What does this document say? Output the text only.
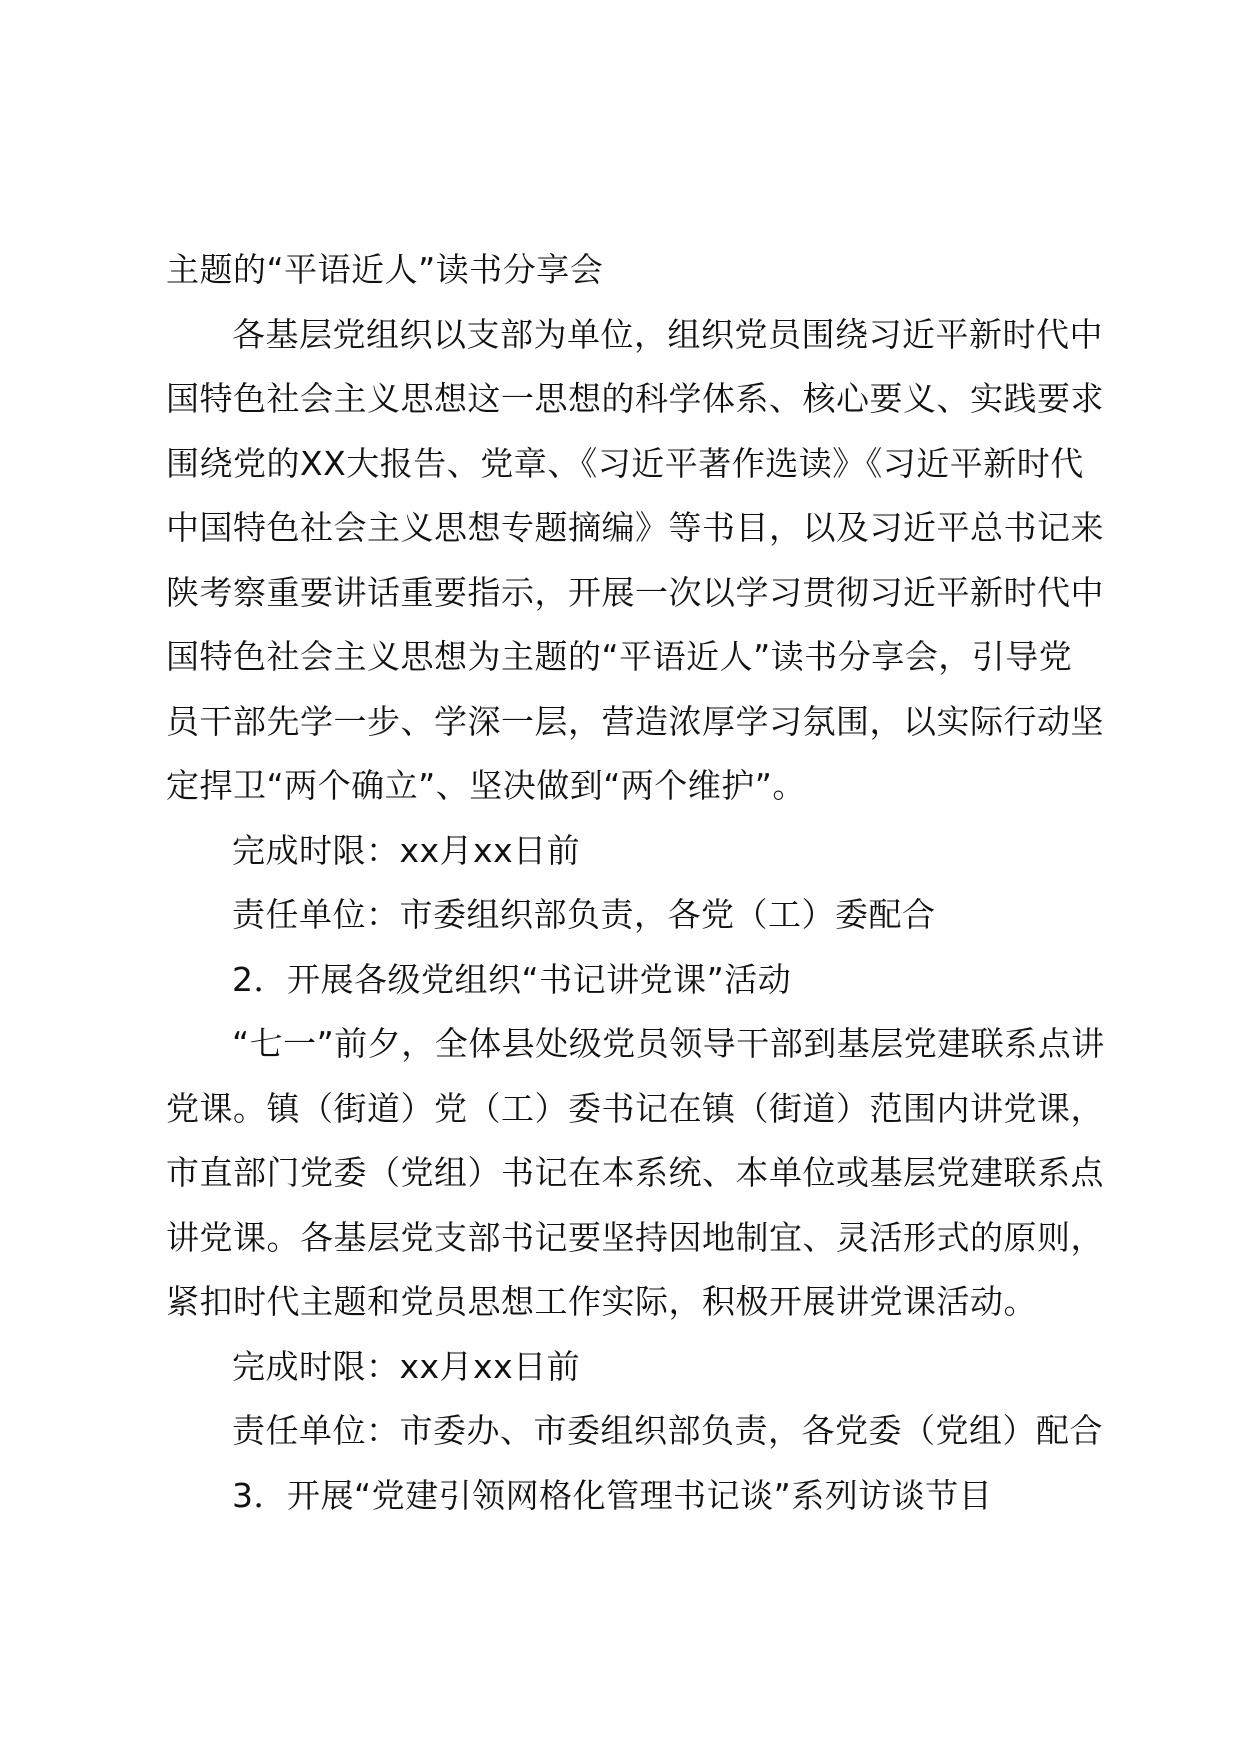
主题的“平语近人”读书分享会
各基层党组织以支部为单位，组织党员围绕习近平新时代中
国特色社会主义思想这一思想的科学体系、核心要义、实践要求
围绕党的XX大报告、党章、《习近平著作选读》《习近平新时代
中国特色社会主义思想专题摘编》等书目，以及习近平总书记来
陕考察重要讲话重要指示，开展一次以学习贯彻习近平新时代中
国特色社会主义思想为主题的“平语近人”读书分享会，引导党
员干部先学一步、学深一层，营造浓厚学习氛围，以实际行动坚
定捍卫“两个确立”、坚决做到“两个维护”。
完成时限：xx月xx日前
责任单位：市委组织部负责，各党（工）委配合
2．开展各级党组织“书记讲党课”活动
“七一”前夕，全体县处级党员领导干部到基层党建联系点讲
党课。镇（街道）党（工）委书记在镇（街道）范围内讲党课，
市直部门党委（党组）书记在本系统、本单位或基层党建联系点
讲党课。各基层党支部书记要坚持因地制宜、灵活形式的原则，
紧扣时代主题和党员思想工作实际，积极开展讲党课活动。
完成时限：xx月xx日前
责任单位：市委办、市委组织部负责，各党委（党组）配合
3．开展“党建引领网格化管理书记谈”系列访谈节目
